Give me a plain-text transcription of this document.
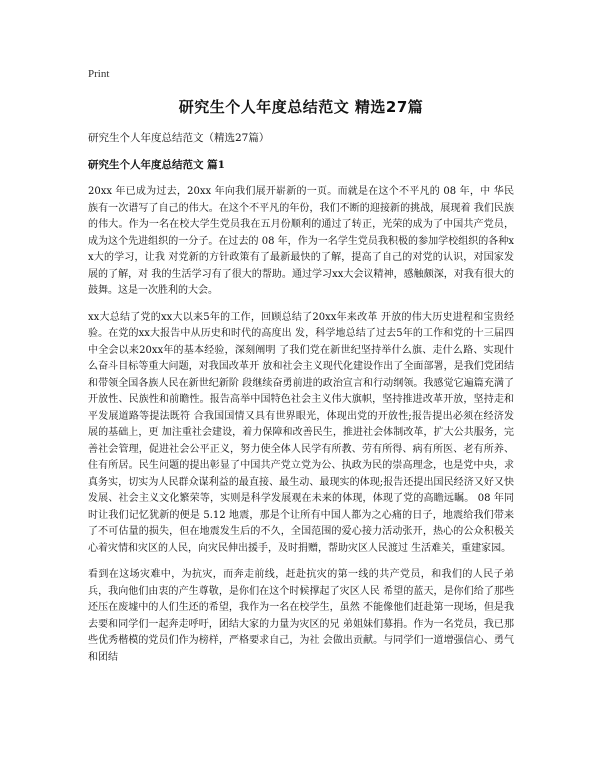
Print
研究生个人年度总结范文 精选27篇

研究生个人年度总结范文（精选27篇）

研究生个人年度总结范文 篇1

20xx 年已成为过去，20xx 年向我们展开崭新的一页。而就是在这个不平凡的 08 年，中 华民族有一次谱写了自己的伟大。在这个不平凡的年份，我们不断的迎接新的挑战，展现着 我们民族的伟大。作为一名在校大学生党员我在五月份顺利的通过了转正，光荣的成为了中国共产党员，成为这个先进组织的一分子。在过去的 08 年，作为一名学生党员我积极的参加学校组织的各种xx大的学习，让我 对党新的方针政策有了最新最快的了解，提高了自己的对党的认识，对国家发展的了解，对 我的生活学习有了很大的帮助。通过学习xx大会议精神，感触颇深，对我有很大的鼓舞。这是一次胜利的大会。

xx大总结了党的xx大以来5年的工作，回顾总结了20xx年来改革 开放的伟大历史进程和宝贵经验。在党的xx大报告中从历史和时代的高度出 发，科学地总结了过去5年的工作和党的十三届四中全会以来20xx年的基本经验，深刻阐明 了我们党在新世纪坚持举什么旗、走什么路、实现什么奋斗目标等重大问题，对我国改革开 放和社会主义现代化建设作出了全面部署，是我们党团结和带领全国各族人民在新世纪新阶 段继续奋勇前进的政治宣言和行动纲领。我感觉它遍篇充满了开放性、民族性和前瞻性。报告高举中国特色社会主义伟大旗帜，坚持推进改革开放，坚持走和平发展道路等提法既符 合我国国情又具有世界眼光，体现出党的开放性;报告提出必须在经济发展的基础上，更 加注重社会建设，着力保障和改善民生，推进社会体制改革，扩大公共服务，完善社会管理，促进社会公平正义，努力使全体人民学有所教、劳有所得、病有所医、老有所养、住有所居。民生问题的提出彰显了中国共产党立党为公、执政为民的崇高理念，也是党中央，求真务实，切实为人民群众谋利益的最直接、最生动、最现实的体现;报告还提出国民经济又好又快 发展、社会主义文化繁荣等，实则是科学发展观在未来的体现，体现了党的高瞻远瞩。 08 年同时让我们记忆犹新的便是 5.12 地震，那是个让所有中国人都为之心痛的日子，地震给我们带来了不可估量的损失，但在地震发生后的不久，全国范围的爱心接力活动张开，热心的公众积极关心着灾情和灾区的人民，向灾民伸出援手，及时捐赠，帮助灾区人民渡过 生活难关，重建家园。

看到在这场灾难中，为抗灾，而奔走前线，赶赴抗灾的第一线的共产党员，和我们的人民子弟兵，我向他们由衷的产生尊敬，是你们在这个时候撑起了灾区人民 希望的蓝天，是你们给了那些还压在废墟中的人们生还的希望，我作为一名在校学生，虽然 不能像他们赶赴第一现场，但是我去要和同学们一起奔走呼吁，团结大家的力量为灾区的兄 弟姐妹们募捐。作为一名党员，我已那些优秀楷模的党员们作为榜样，严格要求自己，为社 会做出贡献。与同学们一道增强信心、勇气和团结
